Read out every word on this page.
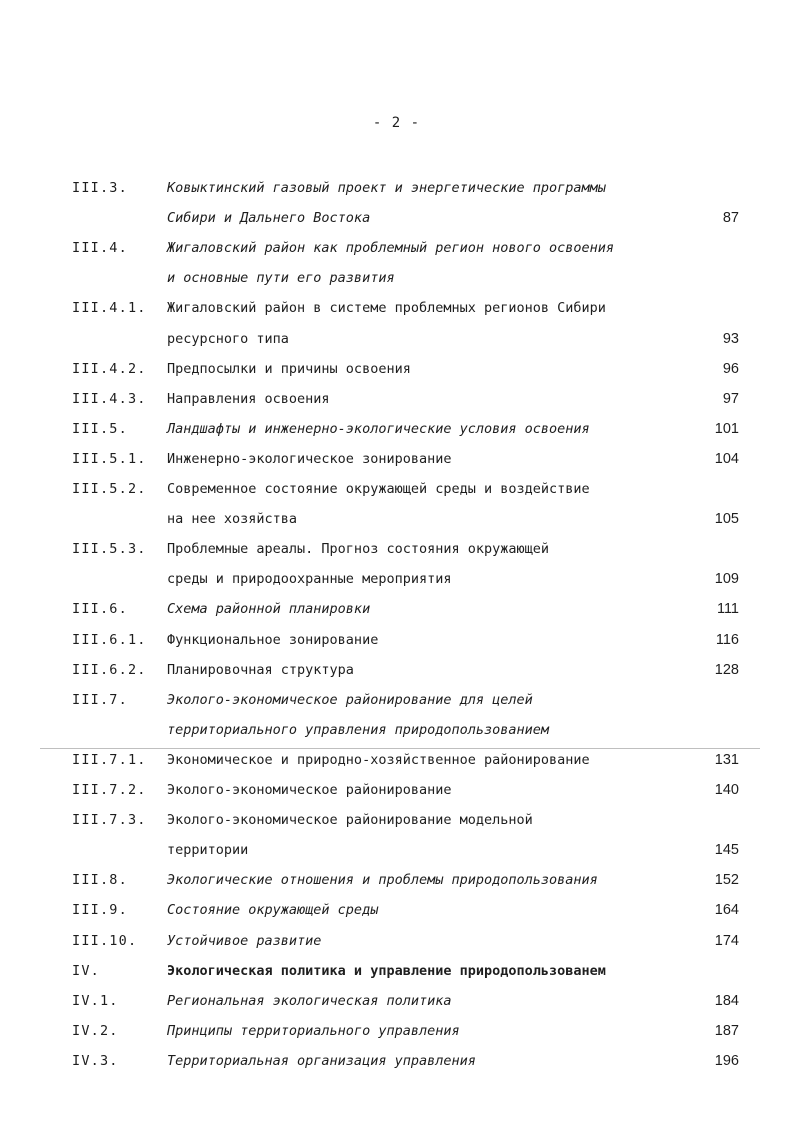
- 2 -
III.3.	Ковыктинский газовый проект и энергетические программы
Сибири и Дальнего Востока	87
III.4.	Жигаловский район как проблемный регион нового освоения
и основные пути его развития
III.4.1. Жигаловский район в системе проблемных регионов Сибири
ресурсного типа	93
III.4.2. Предпосылки и причины освоения	96
III.4.3. Направления освоения	97
III.5.	Ландшафты и инженерно-экологические условия освоения	101
III.5.1. Инженерно-экологическое зонирование	104
III.5.2. Современное состояние окружающей среды и воздействие
на нее хозяйства	105
III.5.3. Проблемные ареалы. Прогноз состояния окружающей
среды и природоохранные мероприятия	109
III.6.	Схема районной планировки	111
III.6.1. Функциональное зонирование	116
III.6.2. Планировочная структура	128
III.7.	Эколого-экономическое районирование для целей
территориального управления природопользованием
III.7.1. Экономическое и природно-хозяйственное районирование	131
III.7.2. Эколого-экономическое районирование	140
III.7.3. Эколого-экономическое районирование модельной
территории	145
III.8.	Экологические отношения и проблемы природопользования	152
III.9.	Состояние окружающей среды	164
III.10. Устойчивое развитие	174
IV.	Экологическая политика и управление природопользованем
IV.1.	Региональная экологическая политика	184
IV.2.	Принципы территориального управления	187
IV.3.	Территориальная организация управления	196
